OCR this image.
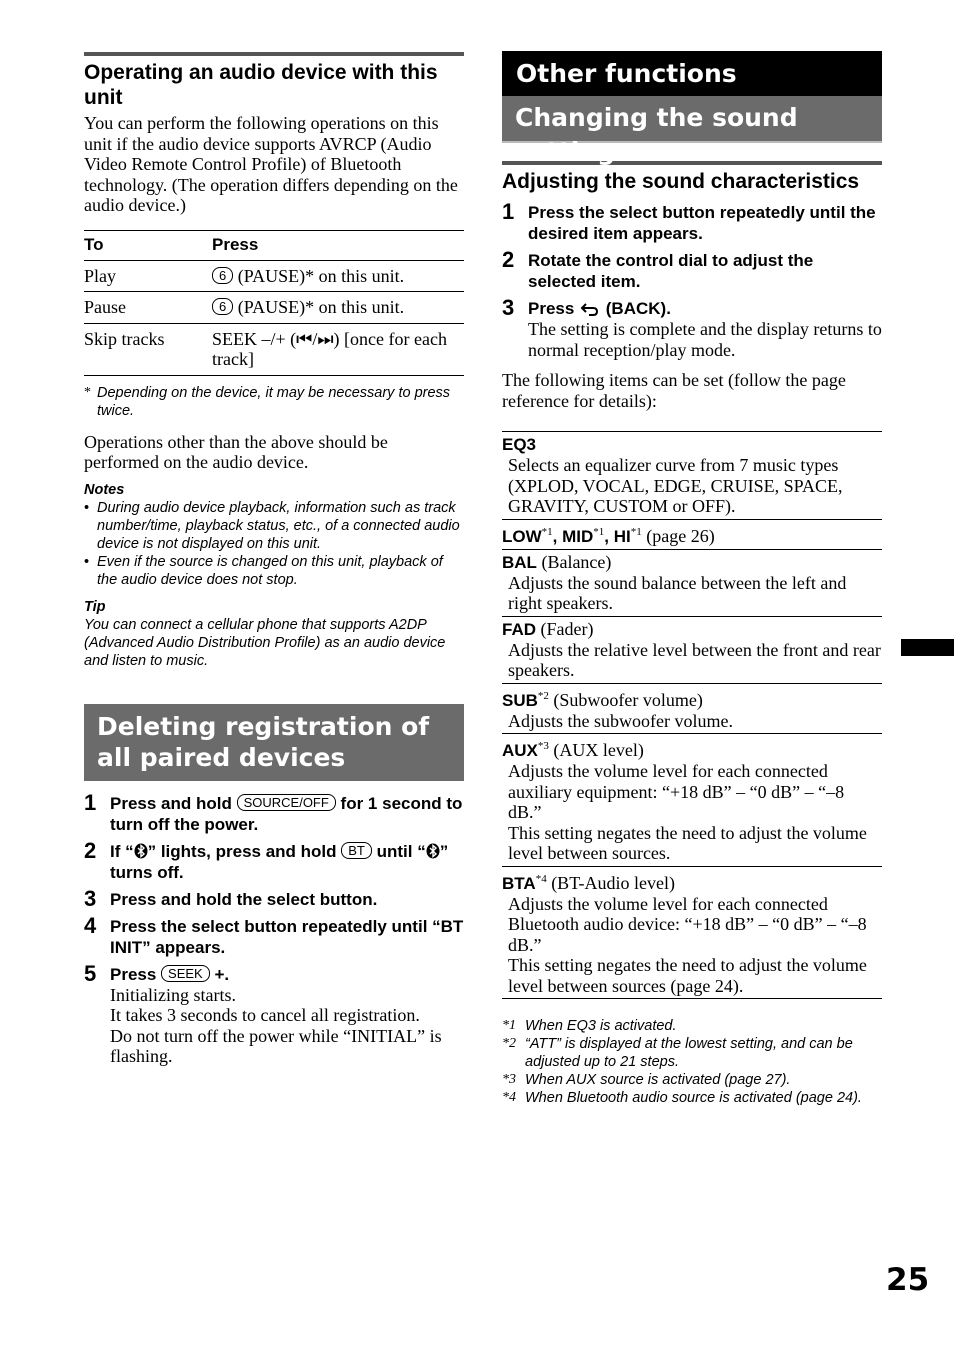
Operating an audio device with this unit
You can perform the following operations on this unit if the audio device supports AVRCP (Audio Video Remote Control Profile) of Bluetooth technology. (The operation differs depending on the audio device.)
To	Press
Play	6 (PAUSE)* on this unit.
Pause	6 (PAUSE)* on this unit.
Skip tracks	SEEK –/+ (⏮/⏭) [once for each track]
* Depending on the device, it may be necessary to press twice.
Operations other than the above should be performed on the audio device.
Notes
• During audio device playback, information such as track number/time, playback status, etc., of a connected audio device is not displayed on this unit.
• Even if the source is changed on this unit, playback of the audio device does not stop.
Tip
You can connect a cellular phone that supports A2DP (Advanced Audio Distribution Profile) as an audio device and listen to music.
Deleting registration of all paired devices
1 Press and hold SOURCE/OFF for 1 second to turn off the power.
2 If “ ” lights, press and hold BT until “ ” turns off.
3 Press and hold the select button.
4 Press the select button repeatedly until “BT INIT” appears.
5 Press SEEK +.
Initializing starts.
It takes 3 seconds to cancel all registration.
Do not turn off the power while “INITIAL” is flashing.
Other functions
Changing the sound settings
Adjusting the sound characteristics
1 Press the select button repeatedly until the desired item appears.
2 Rotate the control dial to adjust the selected item.
3 Press  (BACK).
The setting is complete and the display returns to normal reception/play mode.
The following items can be set (follow the page reference for details):
EQ3
Selects an equalizer curve from 7 music types (XPLOD, VOCAL, EDGE, CRUISE, SPACE, GRAVITY, CUSTOM or OFF).
LOW$^{*1}$, MID$^{*1}$, HI$^{*1}$ (page 26)
BAL (Balance)
Adjusts the sound balance between the left and right speakers.
FAD (Fader)
Adjusts the relative level between the front and rear speakers.
SUB$^{*2}$ (Subwoofer volume)
Adjusts the subwoofer volume.
AUX$^{*3}$ (AUX level)
Adjusts the volume level for each connected auxiliary equipment: “+18 dB” – “0 dB” – “–8 dB.”
This setting negates the need to adjust the volume level between sources.
BTA$^{*4}$ (BT-Audio level)
Adjusts the volume level for each connected Bluetooth audio device: “+18 dB” – “0 dB” – “–8 dB.”
This setting negates the need to adjust the volume level between sources (page 24).
*1 When EQ3 is activated.
*2 “ATT” is displayed at the lowest setting, and can be adjusted up to 21 steps.
*3 When AUX source is activated (page 27).
*4 When Bluetooth audio source is activated (page 24).
25
